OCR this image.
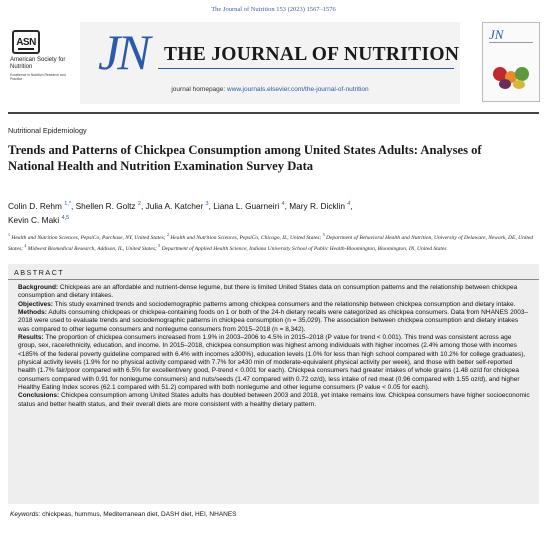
The Journal of Nutrition 153 (2023) 1567–1576
ASN
American Society for Nutrition
Excellence in Nutrition Research and Practice	JN THE JOURNAL OF NUTRITION
journal homepage: www.journals.elsevier.com/the-journal-of-nutrition
JN
Nutritional Epidemiology
Trends and Patterns of Chickpea Consumption among United States Adults: Analyses of National Health and Nutrition Examination Survey Data
Colin D. Rehm $^{1,*}$, Shellen R. Goltz $^2$, Julia A. Katcher $^3$, Liana L. Guarneiri $^4$, Mary R. Dicklin $^4$,
Kevin C. Maki $^{4,5}$
$^1$ Health and Nutrition Sciences, PepsiCo, Purchase, NY, United States; $^2$ Health and Nutrition Sciences, PepsiCo, Chicago, IL, United States; $^3$ Department of Behavioral Health and Nutrition, University of Delaware, Newark, DE, United States; $^4$ Midwest Biomedical Research, Addison, IL, United States; $^5$ Department of Applied Health Science, Indiana University School of Public Health-Bloomington, Bloomington, IN, United States
ABSTRACT

Background: Chickpeas are an affordable and nutrient-dense legume, but there is limited United States data on consumption patterns and the relationship between chickpea consumption and dietary intakes.

Objectives: This study examined trends and sociodemographic patterns among chickpea consumers and the relationship between chickpea consumption and dietary intake.

Methods: Adults consuming chickpeas or chickpea-containing foods on 1 or both of the 24-h dietary recalls were categorized as chickpea consumers. Data from NHANES 2003–2018 were used to evaluate trends and sociodemographic patterns in chickpea consumption (n = 35,029). The association between chickpea consumption and dietary intakes was compared to other legume consumers and nonlegume consumers from 2015–2018 (n = 8,342).

Results: The proportion of chickpea consumers increased from 1.9% in 2003–2006 to 4.5% in 2015–2018 (P value for trend < 0.001). This trend was consistent across age group, sex, race/ethnicity, education, and income. In 2015–2018, chickpea consumption was highest among individuals with higher incomes (2.4% among those with incomes <185% of the federal poverty guideline compared with 6.4% with incomes ≥300%), education levels (1.0% for less than high school compared with 10.2% for college graduates), physical activity levels (1.9% for no physical activity compared with 7.7% for ≥430 min of moderate-equivalent physical activity per week), and those with better self-reported health (1.7% fair/poor compared with 6.5% for excellent/very good, P-trend < 0.001 for each). Chickpea consumers had greater intakes of whole grains (1.48 oz/d for chickpea consumers compared with 0.91 for nonlegume consumers) and nuts/seeds (1.47 compared with 0.72 oz/d), less intake of red meat (0.96 compared with 1.55 oz/d), and higher Healthy Eating Index scores (62.1 compared with 51.2) compared with both nonlegume and other legume consumers (P value < 0.05 for each).

Conclusions: Chickpea consumption among United States adults has doubled between 2003 and 2018, yet intake remains low. Chickpea consumers have higher socioeconomic status and better health status, and their overall diets are more consistent with a healthy dietary pattern.

Keywords: chickpeas, hummus, Mediterranean diet, DASH diet, HEI, NHANES
